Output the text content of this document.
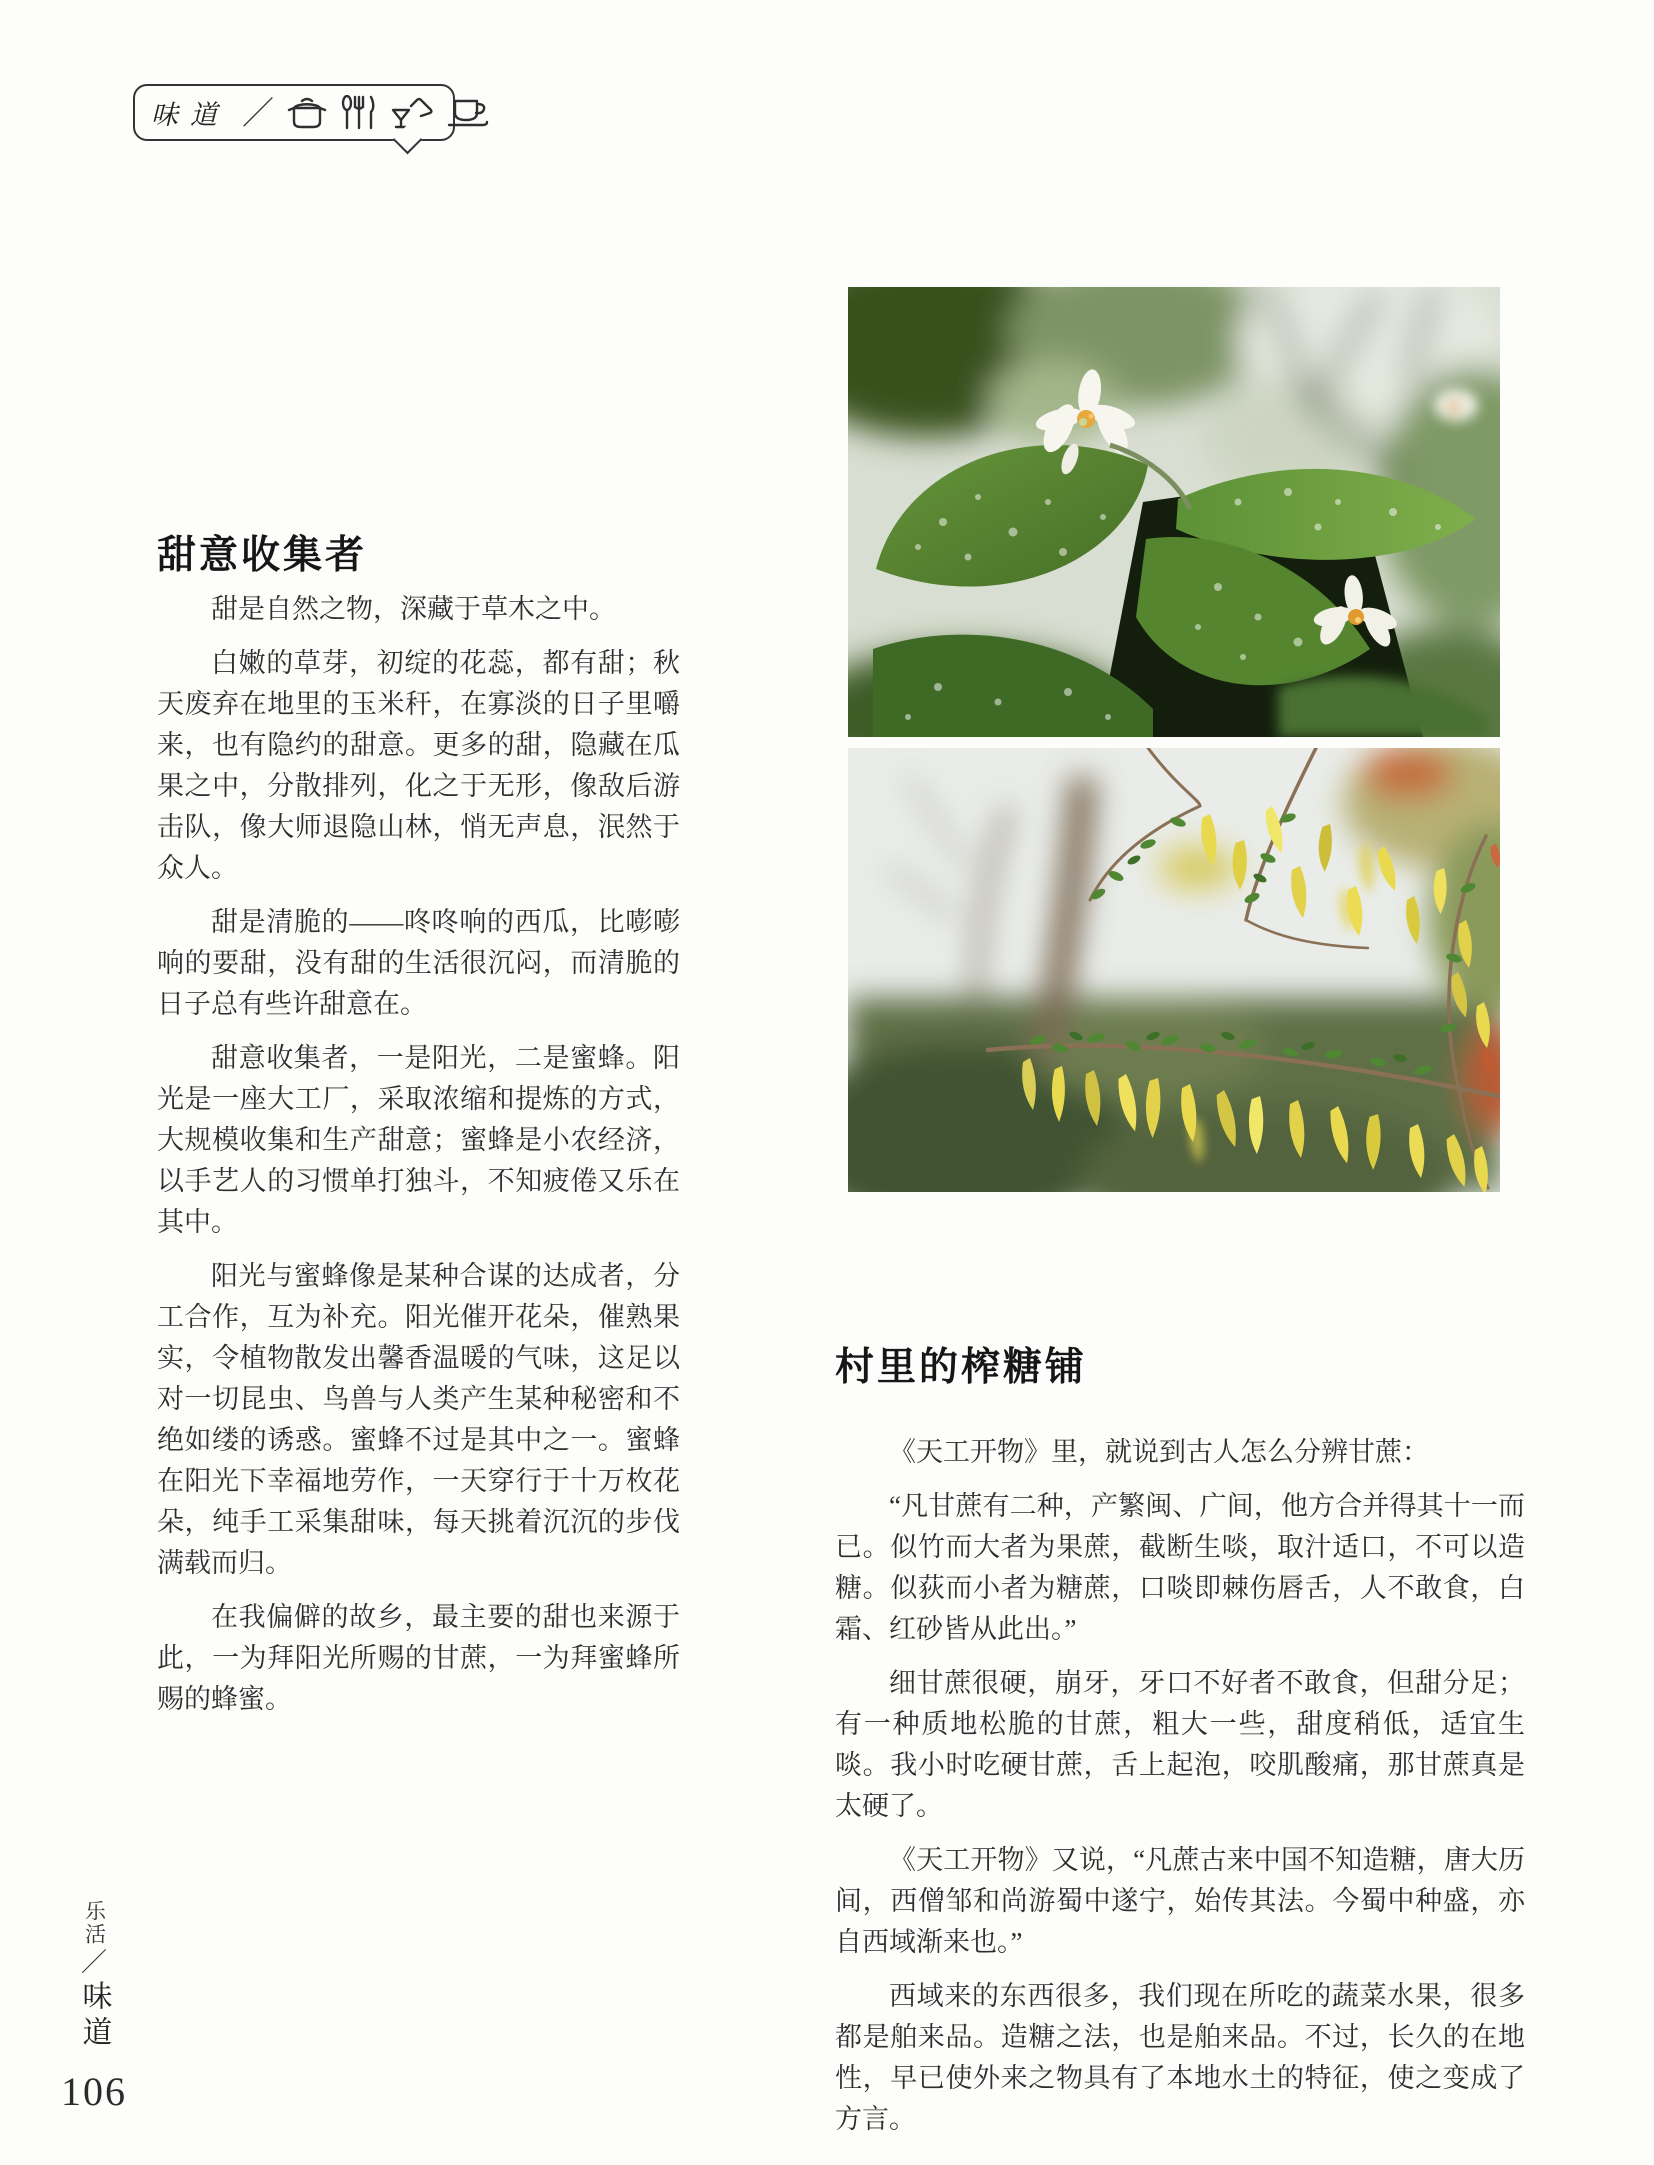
味道 ／
甜意收集者

甜是自然之物，深藏于草木之中。

白嫩的草芽，初绽的花蕊，都有甜；秋天废弃在地里的玉米秆，在寡淡的日子里嚼来，也有隐约的甜意。更多的甜，隐藏在瓜果之中，分散排列，化之于无形，像敌后游击队，像大师退隐山林，悄无声息，泯然于众人。

甜是清脆的——咚咚响的西瓜，比嘭嘭响的要甜，没有甜的生活很沉闷，而清脆的日子总有些许甜意在。

甜意收集者，一是阳光，二是蜜蜂。阳光是一座大工厂，采取浓缩和提炼的方式，大规模收集和生产甜意；蜜蜂是小农经济，以手艺人的习惯单打独斗，不知疲倦又乐在其中。

阳光与蜜蜂像是某种合谋的达成者，分工合作，互为补充。阳光催开花朵，催熟果实，令植物散发出馨香温暖的气味，这足以对一切昆虫、鸟兽与人类产生某种秘密和不绝如缕的诱惑。蜜蜂不过是其中之一。蜜蜂在阳光下幸福地劳作，一天穿行于十万枚花朵，纯手工采集甜味，每天挑着沉沉的步伐满载而归。

在我偏僻的故乡，最主要的甜也来源于此，一为拜阳光所赐的甘蔗，一为拜蜜蜂所赐的蜂蜜。

村里的榨糖铺

《天工开物》里，就说到古人怎么分辨甘蔗：

“凡甘蔗有二种，产繁闽、广间，他方合并得其十一而已。似竹而大者为果蔗，截断生啖，取汁适口，不可以造糖。似荻而小者为糖蔗，口啖即棘伤唇舌，人不敢食，白霜、红砂皆从此出。”

细甘蔗很硬，崩牙，牙口不好者不敢食，但甜分足；有一种质地松脆的甘蔗，粗大一些，甜度稍低，适宜生啖。我小时吃硬甘蔗，舌上起泡，咬肌酸痛，那甘蔗真是太硬了。

《天工开物》又说，“凡蔗古来中国不知造糖，唐大历间，西僧邹和尚游蜀中遂宁，始传其法。今蜀中种盛，亦自西域渐来也。”

西域来的东西很多，我们现在所吃的蔬菜水果，很多都是舶来品。造糖之法，也是舶来品。不过，长久的在地性，早已使外来之物具有了本地水土的特征，使之变成了方言。

乐活
／
味道
106
